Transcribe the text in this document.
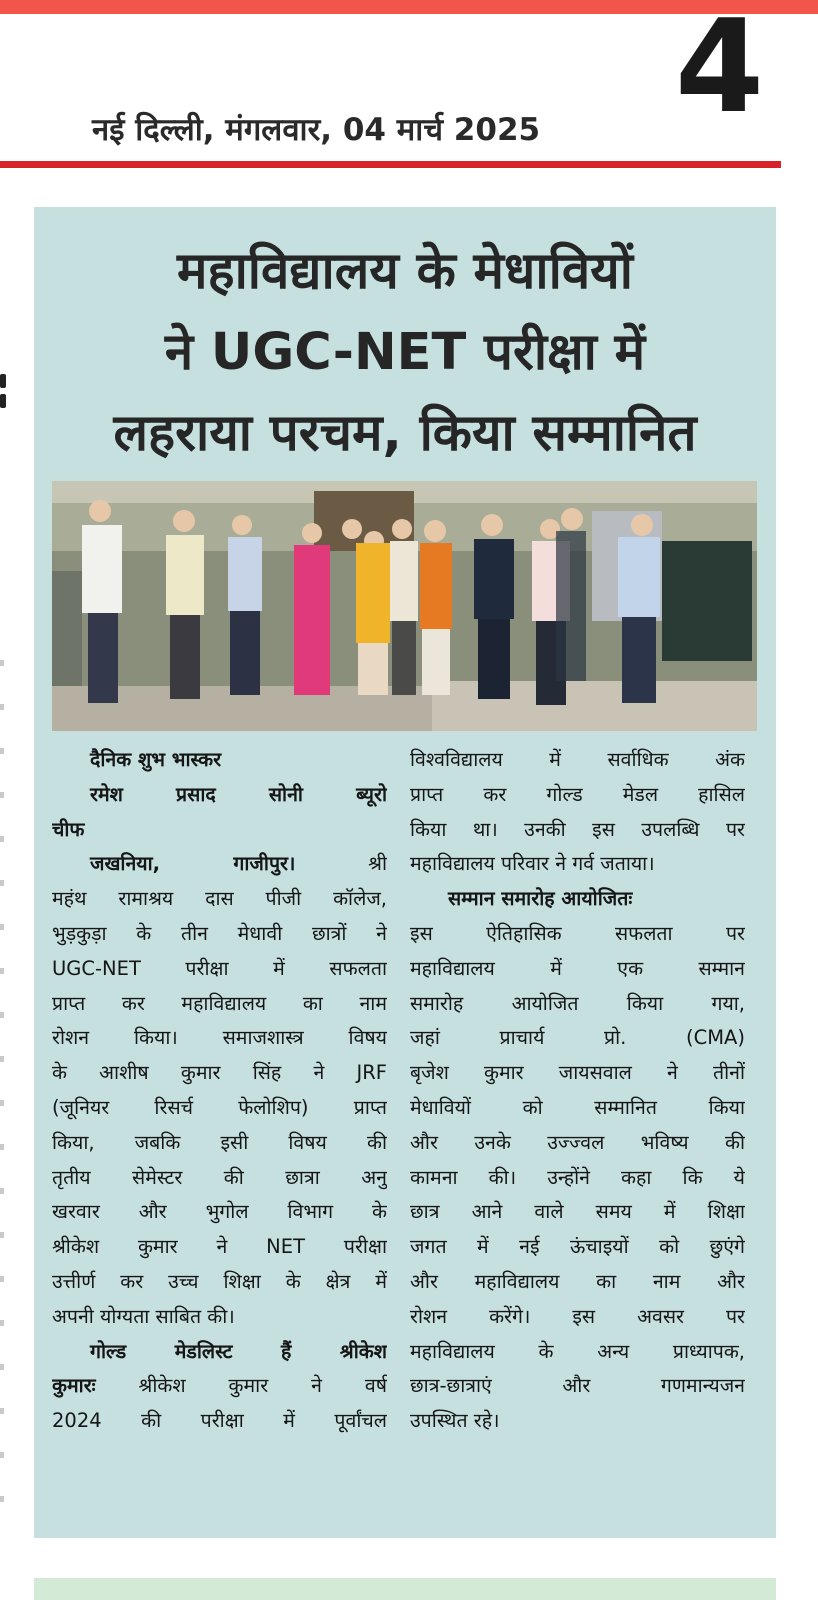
नई दिल्ली, मंगलवार, 04 मार्च 2025 4
महाविद्यालय के मेधावियों
ने UGC-NET परीक्षा में
लहराया परचम, किया सम्मानित
दैनिक शुभ भास्कर
रमेश प्रसाद सोनी ब्यूरो
चीफ
जखनिया, गाजीपुर। श्री
महंथ रामाश्रय दास पीजी कॉलेज,
भुड़कुड़ा के तीन मेधावी छात्रों ने
UGC-NET परीक्षा में सफलता
प्राप्त कर महाविद्यालय का नाम
रोशन किया। समाजशास्त्र विषय
के आशीष कुमार सिंह ने JRF
(जूनियर रिसर्च फेलोशिप) प्राप्त
किया, जबकि इसी विषय की
तृतीय सेमेस्टर की छात्रा अनु
खरवार और भुगोल विभाग के
श्रीकेश कुमार ने NET परीक्षा
उत्तीर्ण कर उच्च शिक्षा के क्षेत्र में
अपनी योग्यता साबित की।
गोल्ड मेडलिस्ट हैं श्रीकेश
कुमारः श्रीकेश कुमार ने वर्ष
2024 की परीक्षा में पूर्वांचल
विश्वविद्यालय में सर्वाधिक अंक
प्राप्त कर गोल्ड मेडल हासिल
किया था। उनकी इस उपलब्धि पर
महाविद्यालय परिवार ने गर्व जताया।
सम्मान समारोह आयोजितः
इस ऐतिहासिक सफलता पर
महाविद्यालय में एक सम्मान
समारोह आयोजित किया गया,
जहां प्राचार्य प्रो. (CMA)
बृजेश कुमार जायसवाल ने तीनों
मेधावियों को सम्मानित किया
और उनके उज्ज्वल भविष्य की
कामना की। उन्होंने कहा कि ये
छात्र आने वाले समय में शिक्षा
जगत में नई ऊंचाइयों को छुएंगे
और महाविद्यालय का नाम और
रोशन करेंगे। इस अवसर पर
महाविद्यालय के अन्य प्राध्यापक,
छात्र-छात्राएं और गणमान्यजन
उपस्थित रहे।
